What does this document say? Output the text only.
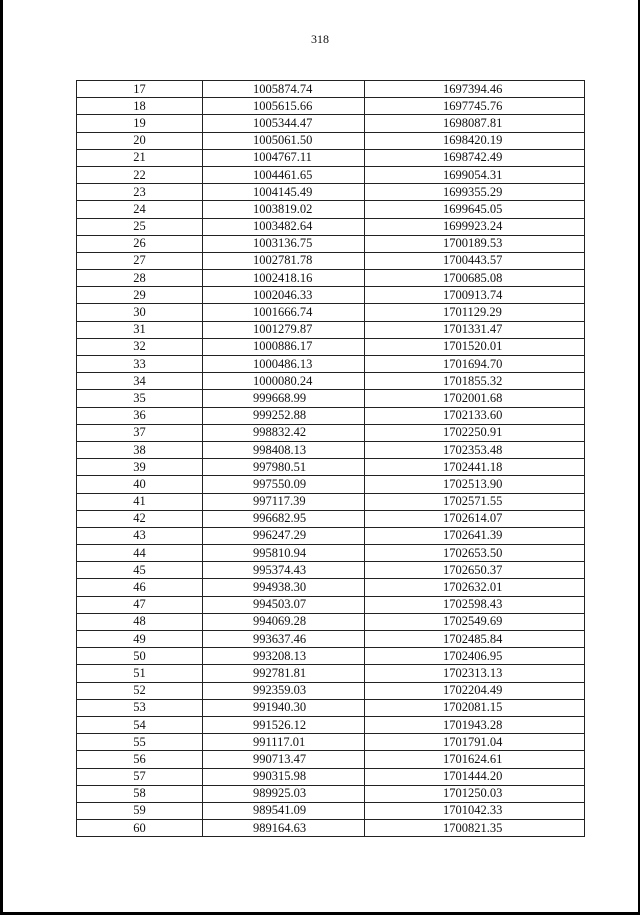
318
17	1005874.74	1697394.46
18	1005615.66	1697745.76
19	1005344.47	1698087.81
20	1005061.50	1698420.19
21	1004767.11	1698742.49
22	1004461.65	1699054.31
23	1004145.49	1699355.29
24	1003819.02	1699645.05
25	1003482.64	1699923.24
26	1003136.75	1700189.53
27	1002781.78	1700443.57
28	1002418.16	1700685.08
29	1002046.33	1700913.74
30	1001666.74	1701129.29
31	1001279.87	1701331.47
32	1000886.17	1701520.01
33	1000486.13	1701694.70
34	1000080.24	1701855.32
35	999668.99	1702001.68
36	999252.88	1702133.60
37	998832.42	1702250.91
38	998408.13	1702353.48
39	997980.51	1702441.18
40	997550.09	1702513.90
41	997117.39	1702571.55
42	996682.95	1702614.07
43	996247.29	1702641.39
44	995810.94	1702653.50
45	995374.43	1702650.37
46	994938.30	1702632.01
47	994503.07	1702598.43
48	994069.28	1702549.69
49	993637.46	1702485.84
50	993208.13	1702406.95
51	992781.81	1702313.13
52	992359.03	1702204.49
53	991940.30	1702081.15
54	991526.12	1701943.28
55	991117.01	1701791.04
56	990713.47	1701624.61
57	990315.98	1701444.20
58	989925.03	1701250.03
59	989541.09	1701042.33
60	989164.63	1700821.35
